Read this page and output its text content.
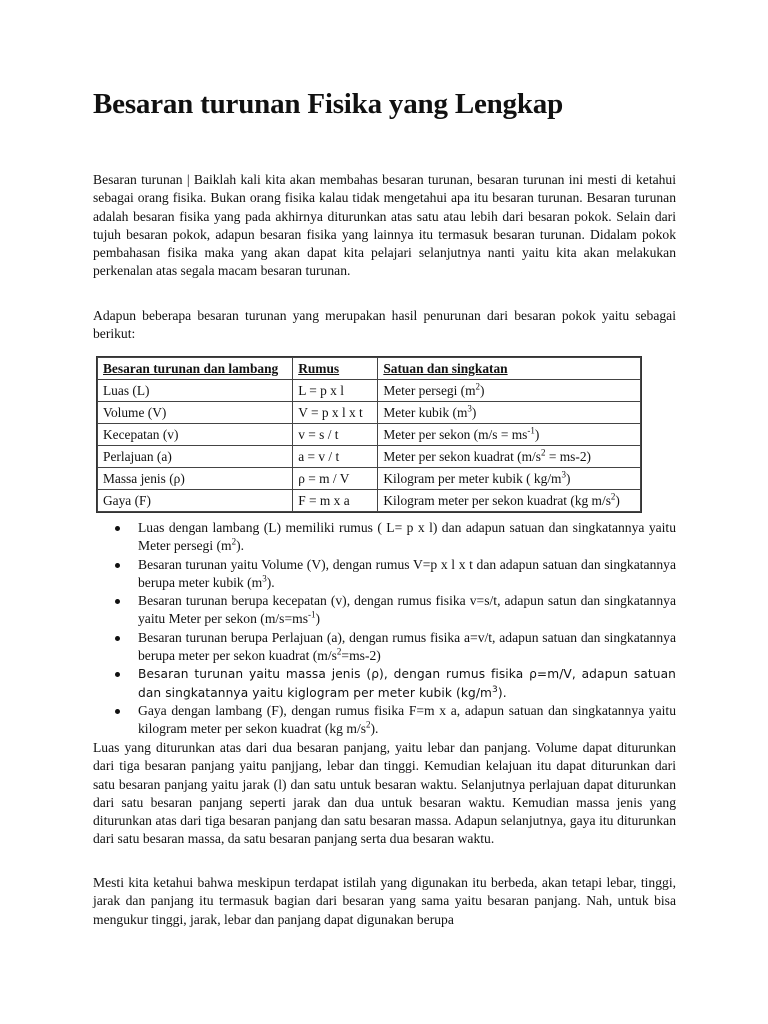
Besaran turunan Fisika yang Lengkap

Besaran turunan | Baiklah kali kita akan membahas besaran turunan, besaran turunan ini mesti di ketahui sebagai orang fisika. Bukan orang fisika kalau tidak mengetahui apa itu besaran turunan. Besaran turunan adalah besaran fisika yang pada akhirnya diturunkan atas satu atau lebih dari besaran pokok. Selain dari tujuh besaran pokok, adapun besaran fisika yang lainnya itu termasuk besaran turunan. Didalam pokok pembahasan fisika maka yang akan dapat kita pelajari selanjutnya nanti yaitu kita akan melakukan perkenalan atas segala macam besaran turunan.

Adapun beberapa besaran turunan yang merupakan hasil penurunan dari besaran pokok yaitu sebagai berikut:

Besaran turunan dan lambang	Rumus	Satuan dan singkatan
Luas (L)	L = p x l	Meter persegi $(m^2)$
Volume (V)	V = p x l x t	Meter kubik $(m^3)$
Kecepatan (v)	v = s / t	Meter per sekon $(m/s = ms^{-1})$
Perlajuan (a)	a = v / t	Meter per sekon kuadrat $(m/s^2 = ms-2)$
Massa jenis (ρ)	ρ = m / V	Kilogram per meter kubik ( $kg/m^3$)
Gaya (F)	F = m x a	Kilogram meter per sekon kuadrat (kg $m/s^2$)
Luas dengan lambang (L) memiliki rumus ( L= p x l) dan adapun satuan dan singkatannya yaitu Meter persegi $(m^2)$.
Besaran turunan yaitu Volume (V), dengan rumus V=p x l x t dan adapun satuan dan singkatannya berupa meter kubik $(m^3)$.
Besaran turunan berupa kecepatan (v), dengan rumus fisika v=s/t, adapun satun dan singkatannya yaitu Meter per sekon $(m/s=ms^{-1})$
Besaran turunan berupa Perlajuan (a), dengan rumus fisika a=v/t, adapun satuan dan singkatannya berupa meter per sekon kuadrat $(m/s^2=ms-2)$
Besaran turunan yaitu massa jenis (ρ), dengan rumus fisika ρ=m/V, adapun satuan dan singkatannya yaitu kiglogram per meter kubik $(kg/m^3)$.
Gaya dengan lambang (F), dengan rumus fisika F=m x a, adapun satuan dan singkatannya yaitu kilogram meter per sekon kuadrat (kg $m/s^2$).

Luas yang diturunkan atas dari dua besaran panjang, yaitu lebar dan panjang. Volume dapat diturunkan dari tiga besaran panjang yaitu panjjang, lebar dan tinggi. Kemudian kelajuan itu dapat diturunkan dari satu besaran panjang yaitu jarak (l) dan satu untuk besaran waktu. Selanjutnya perlajuan dapat diturunkan dari satu besaran panjang seperti jarak dan dua untuk besaran waktu. Kemudian massa jenis yang diturunkan atas dari tiga besaran panjang dan satu besaran massa. Adapun selanjutnya, gaya itu diturunkan dari satu besaran massa, da satu besaran panjang serta dua besaran waktu.

Mesti kita ketahui bahwa meskipun terdapat istilah yang digunakan itu berbeda, akan tetapi lebar, tinggi, jarak dan panjang itu termasuk bagian dari besaran yang sama yaitu besaran panjang. Nah, untuk bisa mengukur tinggi, jarak, lebar dan panjang dapat digunakan berupa
